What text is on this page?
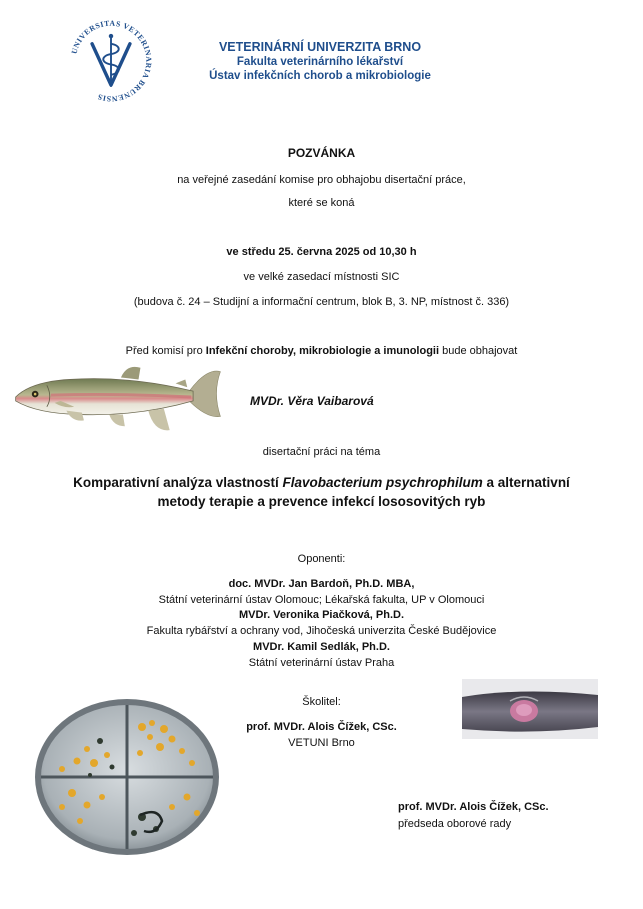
UNIVERSITAS VETERINARIA BRUNENSIS
VETERINÁRNÍ UNIVERZITA BRNO
Fakulta veterinárního lékařství
Ústav infekčních chorob a mikrobiologie
POZVÁNKA
na veřejné zasedání komise pro obhajobu disertační práce,
které se koná
ve středu 25. června 2025 od 10,30 h
ve velké zasedací místnosti SIC
(budova č. 24 – Studijní a informační centrum, blok B, 3. NP, místnost č. 336)
Před komisí pro Infekční choroby, mikrobiologie a imunologii bude obhajovat
MVDr. Věra Vaibarová
disertační práci na téma
Komparativní analýza vlastností Flavobacterium psychrophilum a alternativní
metody terapie a prevence infekcí lososovitých ryb
Oponenti:
doc. MVDr. Jan Bardoň, Ph.D. MBA,
Státní veterinární ústav Olomouc; Lékařská fakulta, UP v Olomouci
MVDr. Veronika Piačková, Ph.D.
Fakulta rybářství a ochrany vod, Jihočeská univerzita České Budějovice
MVDr. Kamil Sedlák, Ph.D.
Státní veterinární ústav Praha
Školitel:
prof. MVDr. Alois Čížek, CSc.
VETUNI Brno
prof. MVDr. Alois Čížek, CSc.
předseda oborové rady
